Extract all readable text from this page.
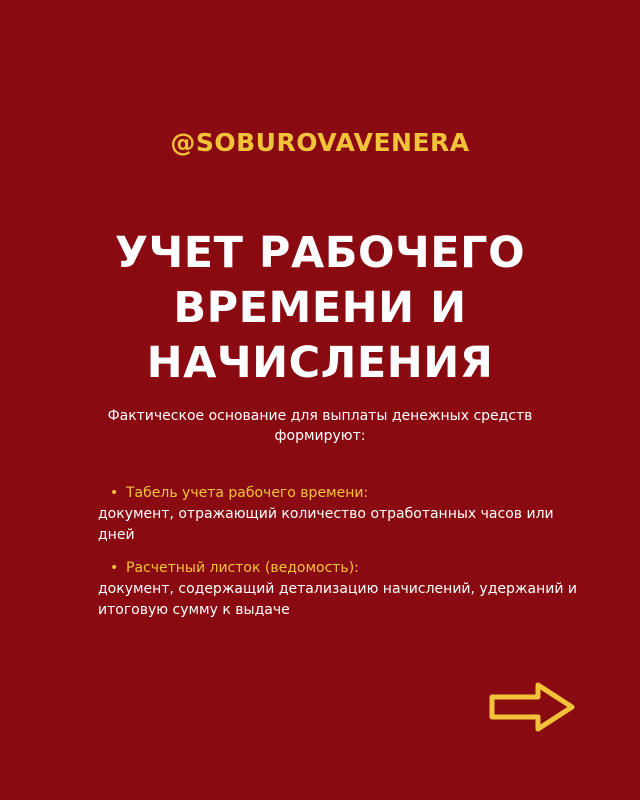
@SOBUROVAVENERA
УЧЕТ РАБОЧЕГО
ВРЕМЕНИ И
НАЧИСЛЕНИЯ
Фактическое основание для выплаты денежных средств формируют:
• Табель учета рабочего времени:
документ, отражающий количество отработанных часов или дней
• Расчетный листок (ведомость):
документ, содержащий детализацию начислений, удержаний и итоговую сумму к выдаче
